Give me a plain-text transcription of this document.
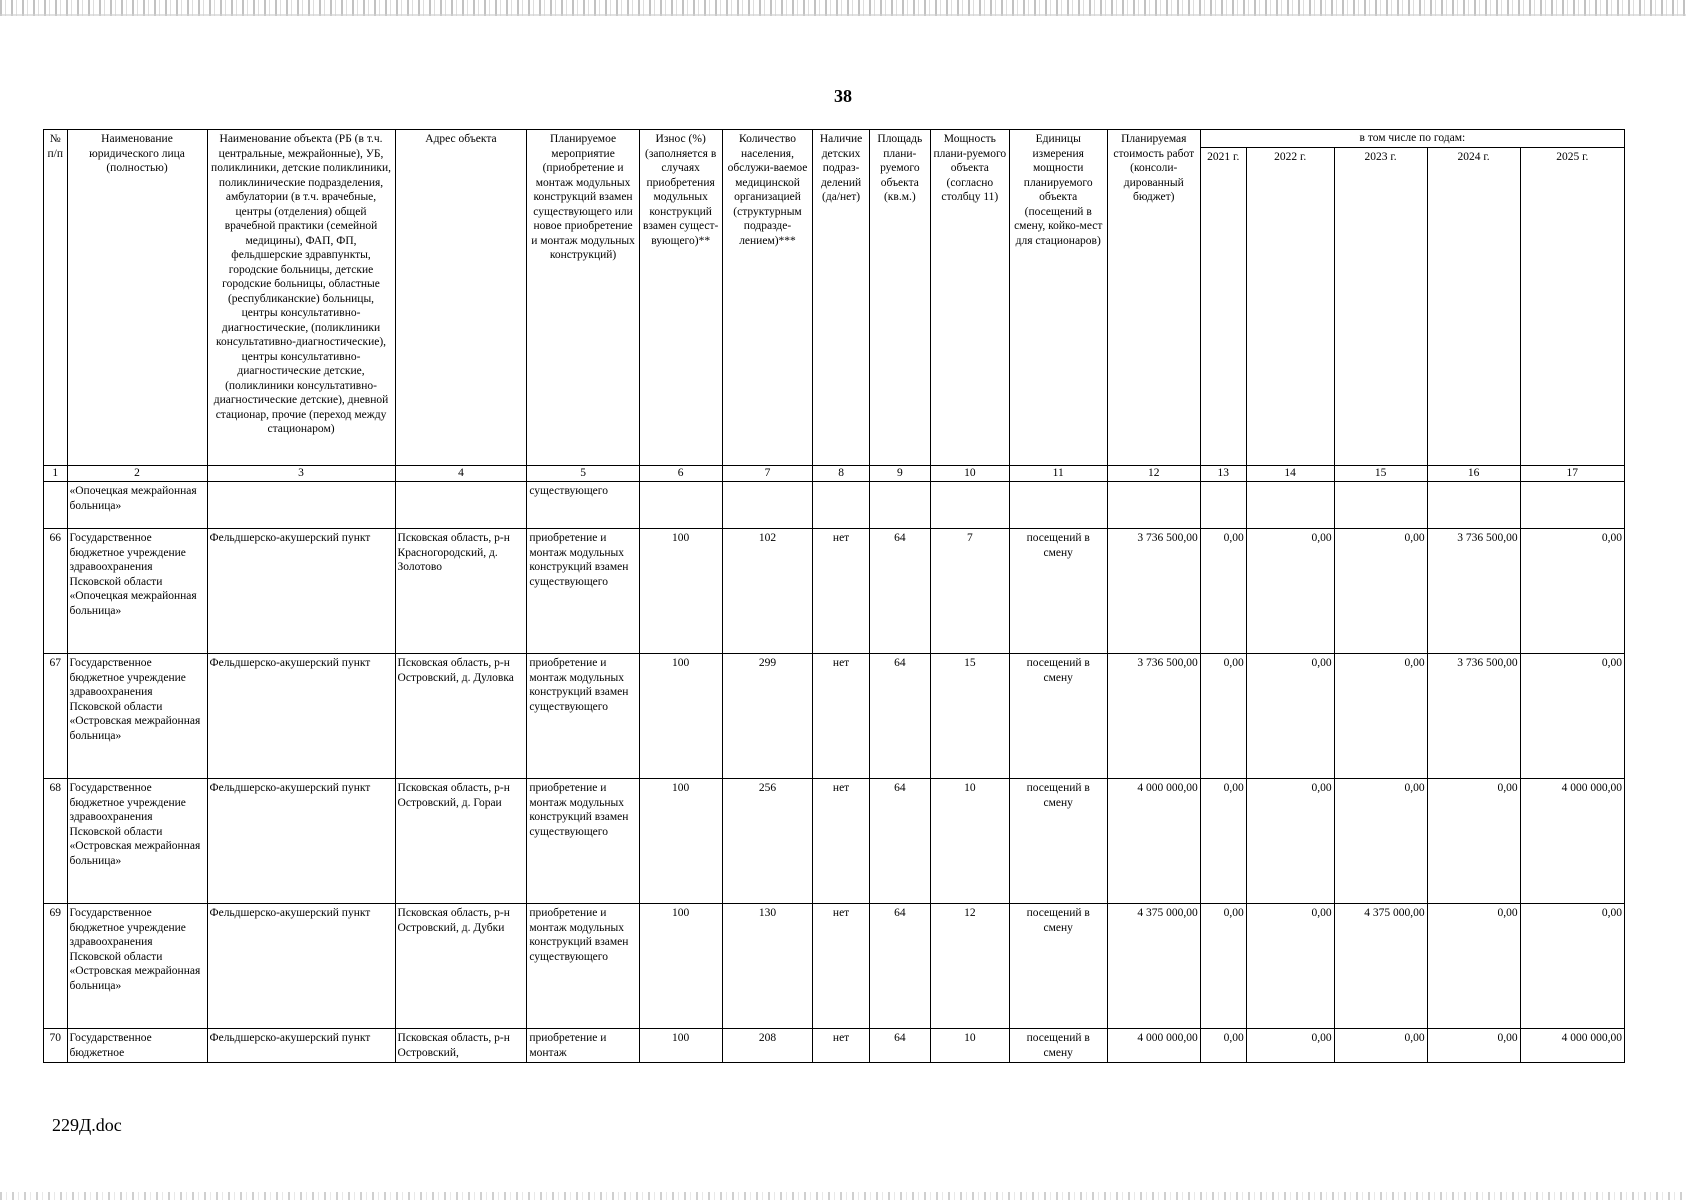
38
№ п/п	Наименование юридического лица (полностью)	Наименование объекта (РБ (в т.ч. центральные, межрайонные), УБ, поликлиники, детские поликлиники, поликлинические подразделения, амбулатории (в т.ч. врачебные, центры (отделения) общей врачебной практики (семейной медицины), ФАП, ФП, фельдшерские здравпункты, городские больницы, детские городские больницы, областные (республиканские) больницы, центры консультативно-диагностические, (поликлиники консультативно-диагностические), центры консультативно-диагностические детские, (поликлиники консультативно-диагностические детские), дневной стационар, прочие (переход между стационаром)	Адрес объекта	Планируемое мероприятие (приобретение и монтаж модульных конструкций взамен существующего или новое приобретение и монтаж модульных конструкций)	Износ (%) (заполняется в случаях приобретения модульных конструкций взамен сущест-вующего)**	Количество населения, обслужи-ваемое медицинской организацией (структурным подразде-лением)***	Наличие детских подраз-делений (да/нет)	Площадь плани-руемого объекта (кв.м.)	Мощность плани-руемого объекта (согласно столбцу 11)	Единицы измерения мощности планируемого объекта (посещений в смену, койко-мест для стационаров)	Планируемая стоимость работ (консоли-дированный бюджет)	в том числе по годам:				
												2021 г.	2022 г.	2023 г.	2024 г.	2025 г.
1	2	3	4	5	6	7	8	9	10	11	12	13	14	15	16	17
	«Опочецкая межрайонная больница»			существующего												
66	Государственное бюджетное учреждение здравоохранения Псковской области «Опочецкая межрайонная больница»	Фельдшерско-акушерский пункт	Псковская область, р-н Красногородский, д. Золотово	приобретение и монтаж модульных конструкций взамен существующего	100	102	нет	64	7	посещений в смену	3 736 500,00	0,00	0,00	0,00	3 736 500,00	0,00
67	Государственное бюджетное учреждение здравоохранения Псковской области «Островская межрайонная больница»	Фельдшерско-акушерский пункт	Псковская область, р-н Островский, д. Дуловка	приобретение и монтаж модульных конструкций взамен существующего	100	299	нет	64	15	посещений в смену	3 736 500,00	0,00	0,00	0,00	3 736 500,00	0,00
68	Государственное бюджетное учреждение здравоохранения Псковской области «Островская межрайонная больница»	Фельдшерско-акушерский пункт	Псковская область, р-н Островский, д. Гораи	приобретение и монтаж модульных конструкций взамен существующего	100	256	нет	64	10	посещений в смену	4 000 000,00	0,00	0,00	0,00	0,00	4 000 000,00
69	Государственное бюджетное учреждение здравоохранения Псковской области «Островская межрайонная больница»	Фельдшерско-акушерский пункт	Псковская область, р-н Островский, д. Дубки	приобретение и монтаж модульных конструкций взамен существующего	100	130	нет	64	12	посещений в смену	4 375 000,00	0,00	0,00	4 375 000,00	0,00	0,00
70	Государственное бюджетное	Фельдшерско-акушерский пункт	Псковская область, р-н Островский,	приобретение и монтаж	100	208	нет	64	10	посещений в смену	4 000 000,00	0,00	0,00	0,00	0,00	4 000 000,00
229Д.doc
